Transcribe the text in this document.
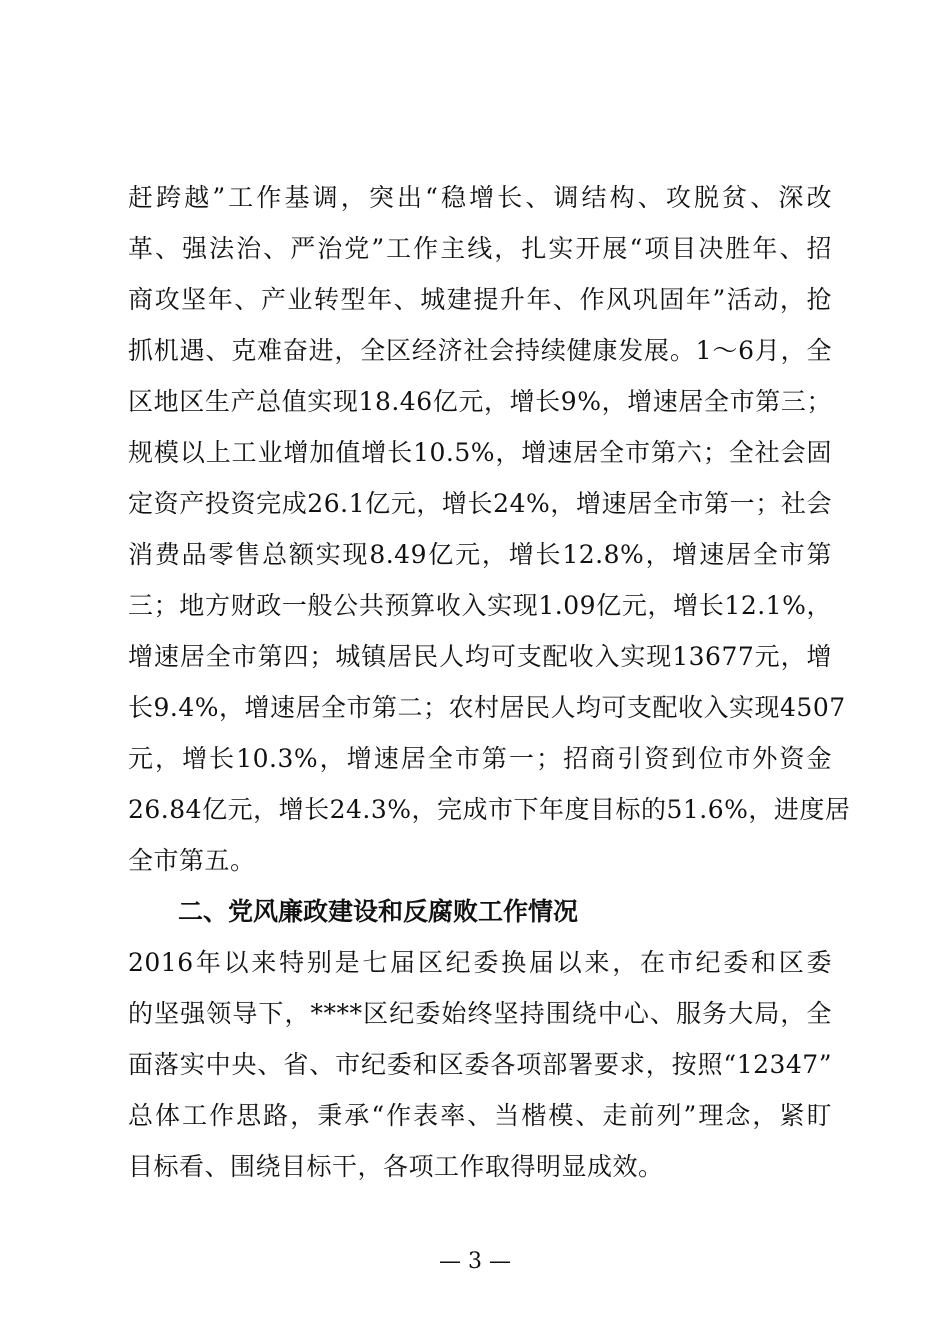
赶跨越”工作基调，突出“稳增长、调结构、攻脱贫、深改
革、强法治、严治党”工作主线，扎实开展“项目决胜年、招
商攻坚年、产业转型年、城建提升年、作风巩固年”活动，抢
抓机遇、克难奋进，全区经济社会持续健康发展。1～6月，全
区地区生产总值实现18.46亿元，增长9%，增速居全市第三；
规模以上工业增加值增长10.5%，增速居全市第六；全社会固
定资产投资完成26.1亿元，增长24%，增速居全市第一；社会
消费品零售总额实现8.49亿元，增长12.8%，增速居全市第
三；地方财政一般公共预算收入实现1.09亿元，增长12.1%，
增速居全市第四；城镇居民人均可支配收入实现13677元，增
长9.4%，增速居全市第二；农村居民人均可支配收入实现4507
元，增长10.3%，增速居全市第一；招商引资到位市外资金
26.84亿元，增长24.3%，完成市下年度目标的51.6%，进度居
全市第五。
二、党风廉政建设和反腐败工作情况
2016年以来特别是七届区纪委换届以来，在市纪委和区委
的坚强领导下，****区纪委始终坚持围绕中心、服务大局，全
面落实中央、省、市纪委和区委各项部署要求，按照“12347”
总体工作思路，秉承“作表率、当楷模、走前列”理念，紧盯
目标看、围绕目标干，各项工作取得明显成效。
— 3 —
